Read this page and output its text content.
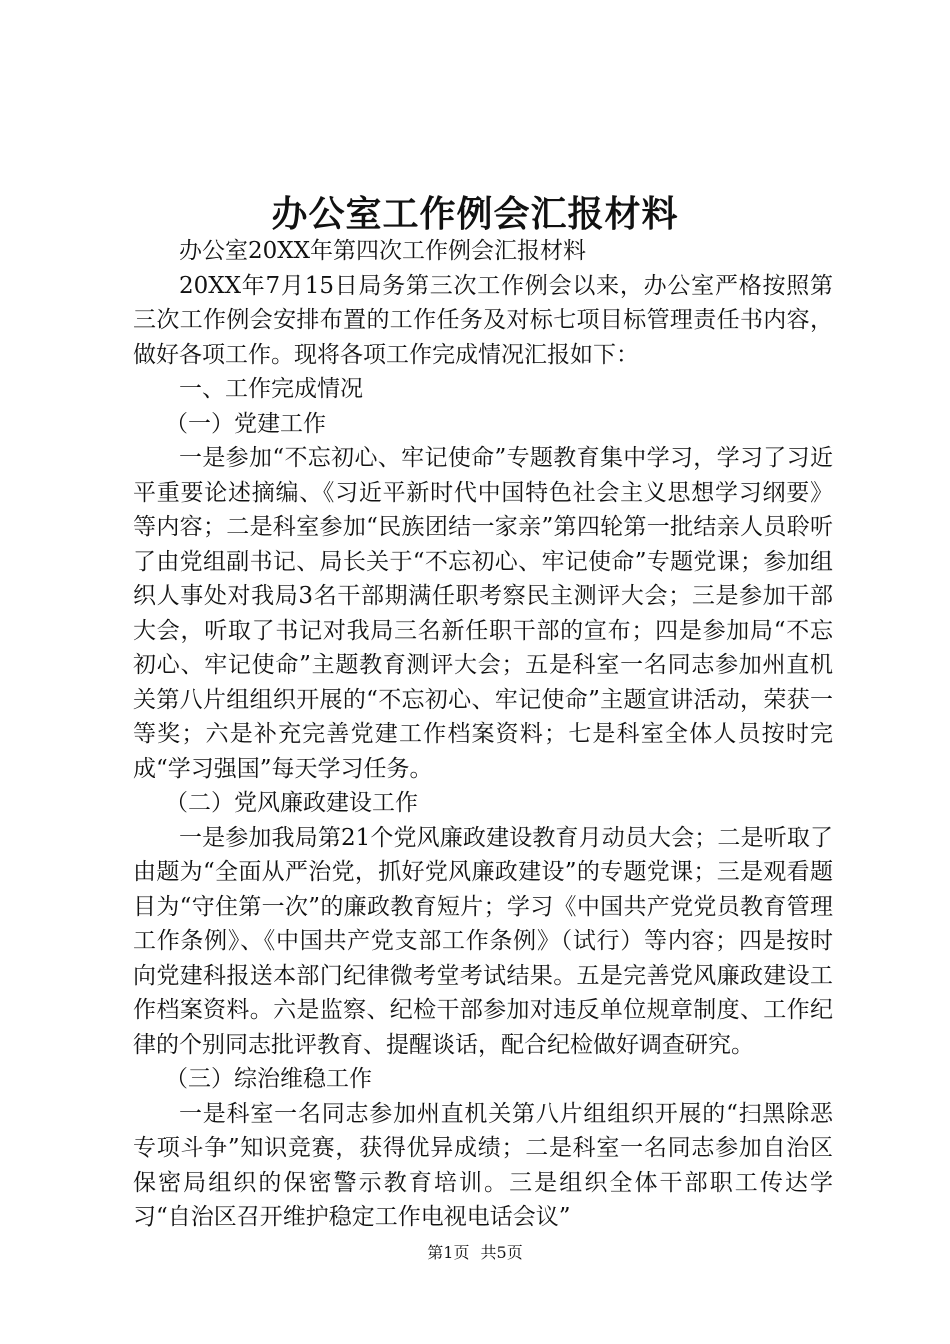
办公室工作例会汇报材料

办公室20XX年第四次工作例会汇报材料

20XX年7月15日局务第三次工作例会以来，办公室严格按照第三次工作例会安排布置的工作任务及对标七项目标管理责任书内容，做好各项工作。现将各项工作完成情况汇报如下：

一、工作完成情况

（一）党建工作

一是参加“不忘初心、牢记使命”专题教育集中学习，学习了习近平重要论述摘编、《习近平新时代中国特色社会主义思想学习纲要》等内容；二是科室参加“民族团结一家亲”第四轮第一批结亲人员聆听了由党组副书记、局长关于“不忘初心、牢记使命”专题党课；参加组织人事处对我局3名干部期满任职考察民主测评大会；三是参加干部大会，听取了书记对我局三名新任职干部的宣布；四是参加局“不忘初心、牢记使命”主题教育测评大会；五是科室一名同志参加州直机关第八片组组织开展的“不忘初心、牢记使命”主题宣讲活动，荣获一等奖；六是补充完善党建工作档案资料；七是科室全体人员按时完成“学习强国”每天学习任务。

（二）党风廉政建设工作

一是参加我局第21个党风廉政建设教育月动员大会；二是听取了由题为“全面从严治党，抓好党风廉政建设”的专题党课；三是观看题目为“守住第一次”的廉政教育短片；学习《中国共产党党员教育管理工作条例》、《中国共产党支部工作条例》（试行）等内容；四是按时向党建科报送本部门纪律微考堂考试结果。五是完善党风廉政建设工作档案资料。六是监察、纪检干部参加对违反单位规章制度、工作纪律的个别同志批评教育、提醒谈话，配合纪检做好调查研究。

（三）综治维稳工作

一是科室一名同志参加州直机关第八片组组织开展的“扫黑除恶专项斗争”知识竞赛，获得优异成绩；二是科室一名同志参加自治区保密局组织的保密警示教育培训。三是组织全体干部职工传达学习“自治区召开维护稳定工作电视电话会议”

第1页 共5页
